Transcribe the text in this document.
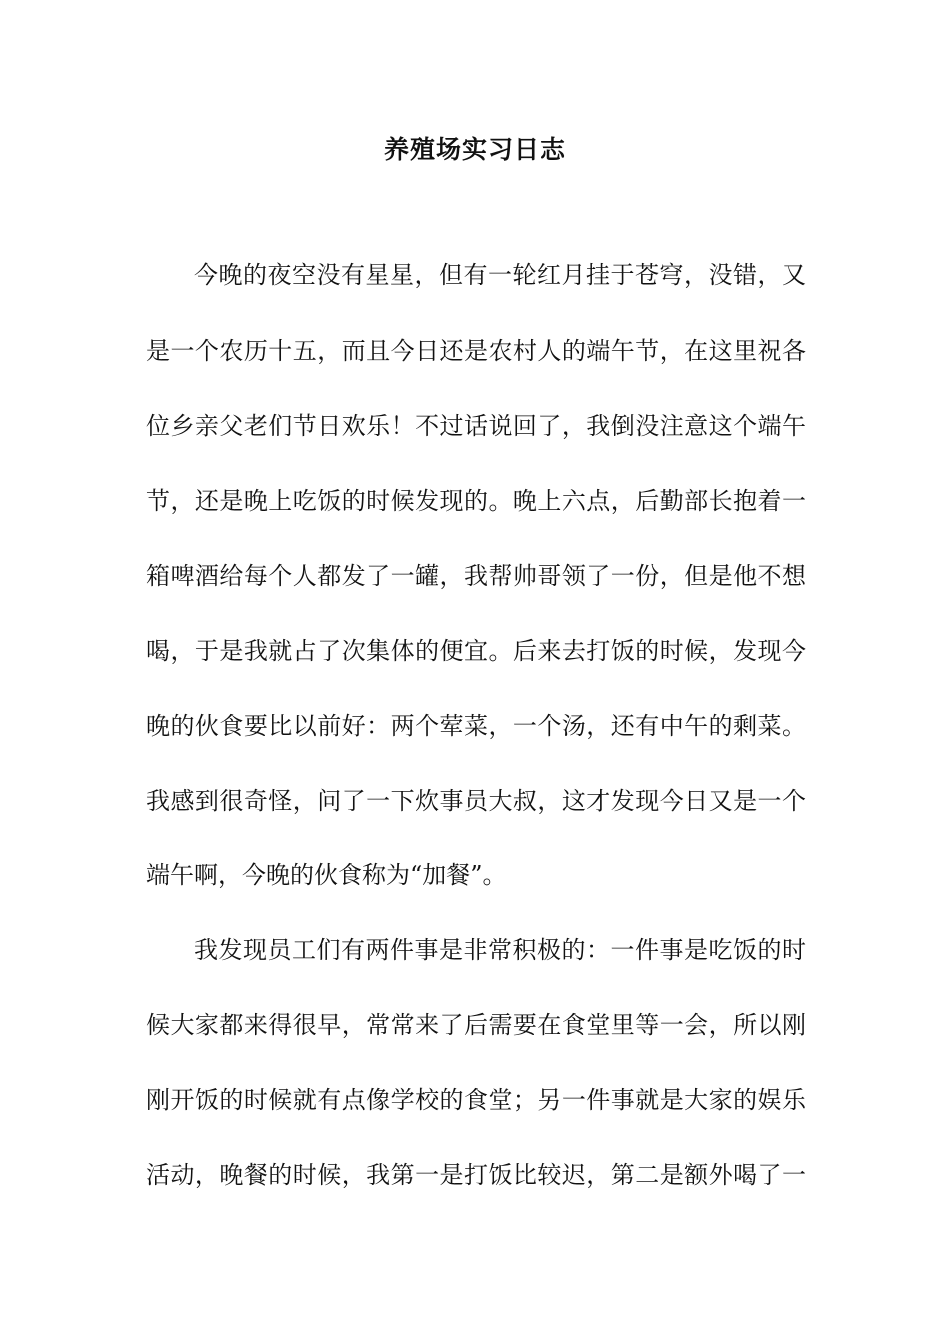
养殖场实习日志

今晚的夜空没有星星，但有一轮红月挂于苍穹，没错，又

是一个农历十五，而且今日还是农村人的端午节，在这里祝各

位乡亲父老们节日欢乐！不过话说回了，我倒没注意这个端午

节，还是晚上吃饭的时候发现的。晚上六点，后勤部长抱着一

箱啤酒给每个人都发了一罐，我帮帅哥领了一份，但是他不想

喝，于是我就占了次集体的便宜。后来去打饭的时候，发现今

晚的伙食要比以前好：两个荤菜，一个汤，还有中午的剩菜。

我感到很奇怪，问了一下炊事员大叔，这才发现今日又是一个

端午啊，今晚的伙食称为“加餐”。

我发现员工们有两件事是非常积极的：一件事是吃饭的时

候大家都来得很早，常常来了后需要在食堂里等一会，所以刚

刚开饭的时候就有点像学校的食堂；另一件事就是大家的娱乐

活动，晚餐的时候，我第一是打饭比较迟，第二是额外喝了一
